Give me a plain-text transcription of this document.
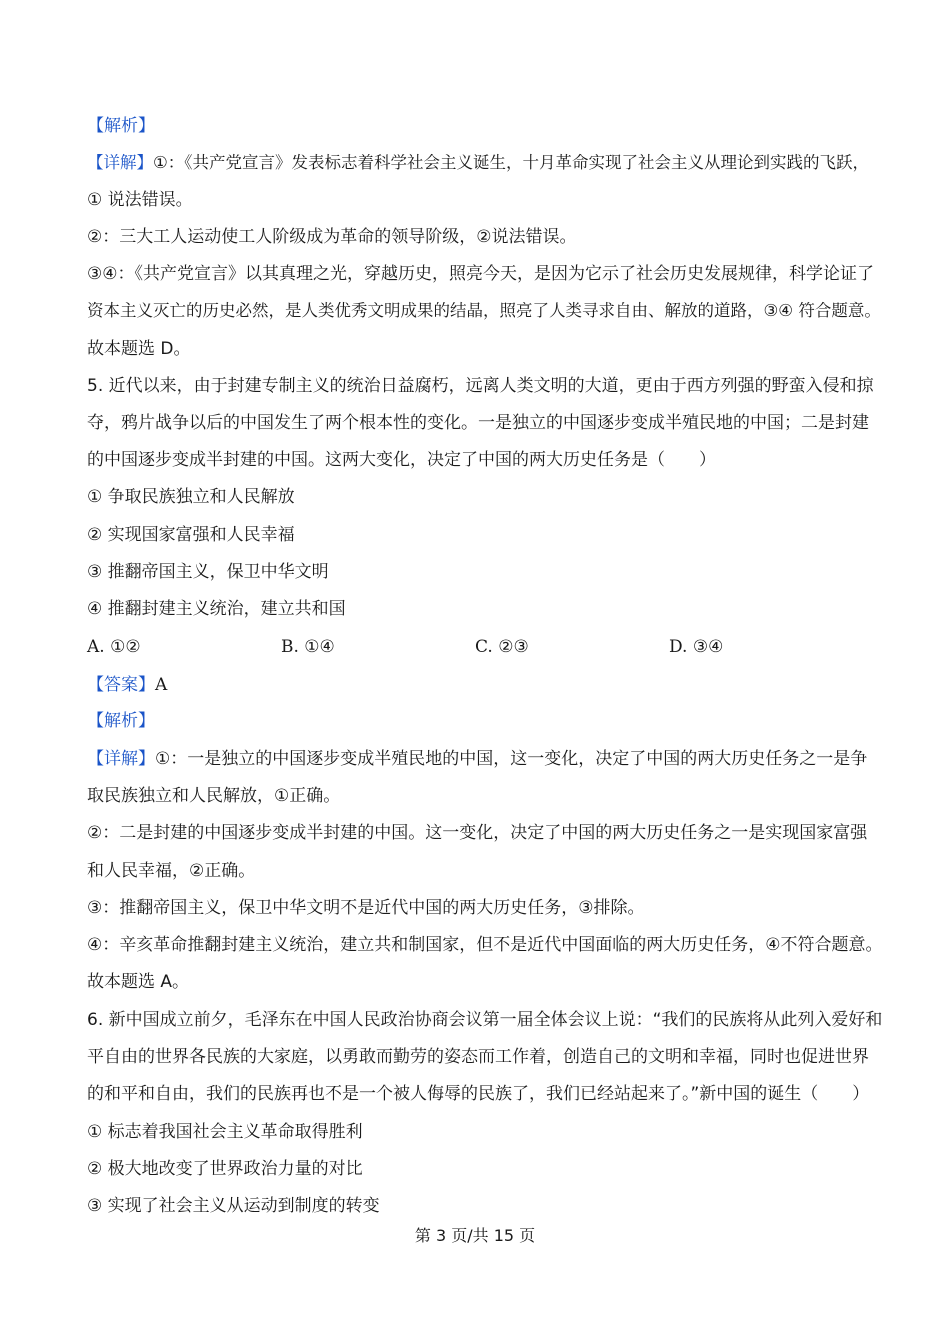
【解析】
【详解】①：《共产党宣言》发表标志着科学社会主义诞生，十月革命实现了社会主义从理论到实践的飞跃，
① 说法错误。
②：三大工人运动使工人阶级成为革命的领导阶级，②说法错误。
③④：《共产党宣言》以其真理之光，穿越历史，照亮今天，是因为它示了社会历史发展规律，科学论证了
资本主义灭亡的历史必然，是人类优秀文明成果的结晶，照亮了人类寻求自由、解放的道路，③④ 符合题意。
故本题选 D。
5. 近代以来，由于封建专制主义的统治日益腐朽，远离人类文明的大道，更由于西方列强的野蛮入侵和掠
夺，鸦片战争以后的中国发生了两个根本性的变化。一是独立的中国逐步变成半殖民地的中国；二是封建
的中国逐步变成半封建的中国。这两大变化，决定了中国的两大历史任务是（　　）
① 争取民族独立和人民解放
② 实现国家富强和人民幸福
③ 推翻帝国主义，保卫中华文明
④ 推翻封建主义统治，建立共和国
A. ①②	B. ①④	C. ②③	D. ③④
【答案】A
【解析】
【详解】①：一是独立的中国逐步变成半殖民地的中国，这一变化，决定了中国的两大历史任务之一是争
取民族独立和人民解放，①正确。
②：二是封建的中国逐步变成半封建的中国。这一变化，决定了中国的两大历史任务之一是实现国家富强
和人民幸福，②正确。
③：推翻帝国主义，保卫中华文明不是近代中国的两大历史任务，③排除。
④：辛亥革命推翻封建主义统治，建立共和制国家，但不是近代中国面临的两大历史任务，④不符合题意。
故本题选 A。
6. 新中国成立前夕，毛泽东在中国人民政治协商会议第一届全体会议上说：“我们的民族将从此列入爱好和
平自由的世界各民族的大家庭，以勇敢而勤劳的姿态而工作着，创造自己的文明和幸福，同时也促进世界
的和平和自由，我们的民族再也不是一个被人侮辱的民族了，我们已经站起来了。”新中国的诞生（　　）
① 标志着我国社会主义革命取得胜利
② 极大地改变了世界政治力量的对比
③ 实现了社会主义从运动到制度的转变
第 3 页/共 15 页
